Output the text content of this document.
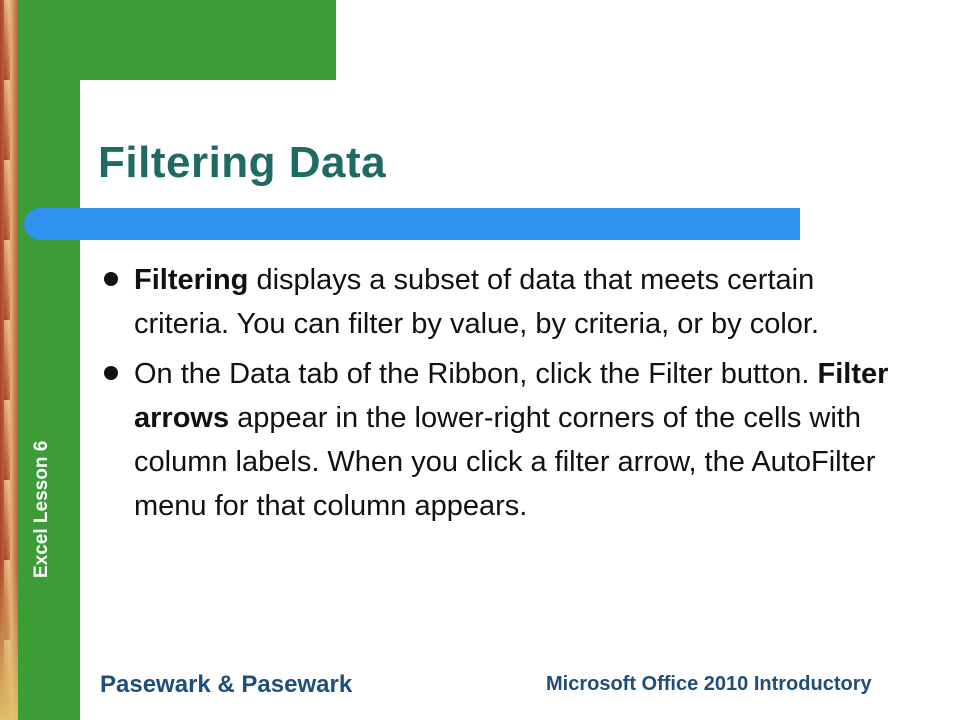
Excel Lesson 6
Filtering Data
Filtering displays a subset of data that meets certain criteria. You can filter by value, by criteria, or by color.
On the Data tab of the Ribbon, click the Filter button. Filter arrows appear in the lower-right corners of the cells with column labels. When you click a filter arrow, the AutoFilter menu for that column appears.
4
Pasewark & Pasewark	Microsoft Office 2010 Introductory
